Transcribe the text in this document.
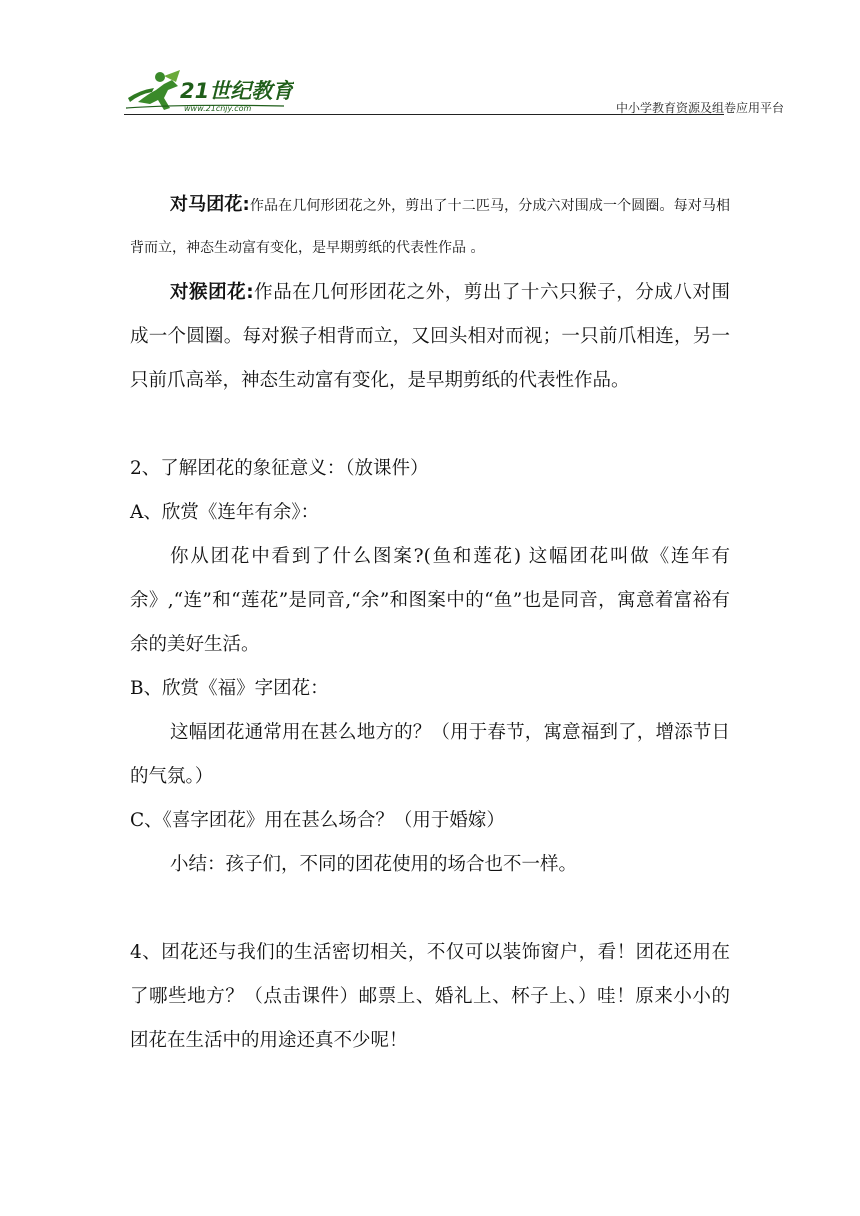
21世纪教育
www.21cnjy.com	中小学教育资源及组卷应用平台

对马团花:作品在几何形团花之外，剪出了十二匹马，分成六对围成一个圆圈。每对马相背而立，神态生动富有变化，是早期剪纸的代表性作品 。

对猴团花:作品在几何形团花之外，剪出了十六只猴子，分成八对围成一个圆圈。每对猴子相背而立，又回头相对而视；一只前爪相连，另一只前爪高举，神态生动富有变化，是早期剪纸的代表性作品。

2、了解团花的象征意义：（放课件）

A、欣赏《连年有余》：

你从团花中看到了什么图案?(鱼和莲花) 这幅团花叫做《连年有余》,“连”和“莲花”是同音,“余”和图案中的“鱼”也是同音，寓意着富裕有余的美好生活。

B、欣赏《福》字团花：

这幅团花通常用在甚么地方的？（用于春节，寓意福到了，增添节日的气氛。）

C、《喜字团花》用在甚么场合？（用于婚嫁）

小结：孩子们，不同的团花使用的场合也不一样。

4、团花还与我们的生活密切相关，不仅可以装饰窗户，看！团花还用在了哪些地方？（点击课件）邮票上、婚礼上、杯子上、）哇！原来小小的团花在生活中的用途还真不少呢！
